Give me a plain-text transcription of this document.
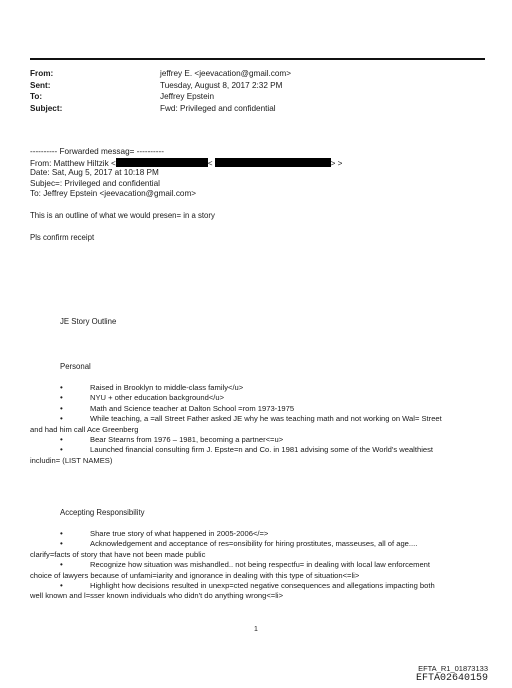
From:	jeffrey E. <jeevacation@gmail.com>
Sent:	Tuesday, August 8, 2017 2:32 PM
To:	Jeffrey Epstein
Subject:	Fwd: Privileged and confidential
---------- Forwarded messag= ----------
From: Matthew Hiltzik <	<	> >
Date: Sat, Aug 5, 2017 at 10:18 PM
Subjec=: Privileged and confidential
To: Jeffrey Epstein <jeevacation@gmail.com>
This is an outline of what we would presen= in a story
Pls confirm receipt
JE Story Outline
Personal
•	Raised in Brooklyn to middle-class family</u>
•	NYU + other education background</u>
•	Math and Science teacher at Dalton School =rom 1973-1975
•	While teaching, a =all Street Father asked JE why he was teaching math and not working on Wal= Street
and had him call Ace Greenberg
•	Bear Stearns from 1976 – 1981, becoming a partner<=u>
•	Launched financial consulting firm J. Epste=n and Co. in 1981 advising some of the World's wealthiest
includin= (LIST NAMES)
Accepting Responsibility
•	Share true story of what happened in 2005-2006</=>
•	Acknowledgement and acceptance of res=onsibility for hiring prostitutes, masseuses, all of age....
clarify=facts of story that have not been made public
•	Recognize how situation was mishandled.. not being respectfu= in dealing with local law enforcement
choice of lawyers because of unfami=iarity and ignorance in dealing with this type of situation<=li>
•	Highlight how decisions resulted in unexp=cted negative consequences and allegations impacting both
well known and l=sser known individuals who didn't do anything wrong<=li>
1
EFTA_R1_01873133
EFTA02640159
